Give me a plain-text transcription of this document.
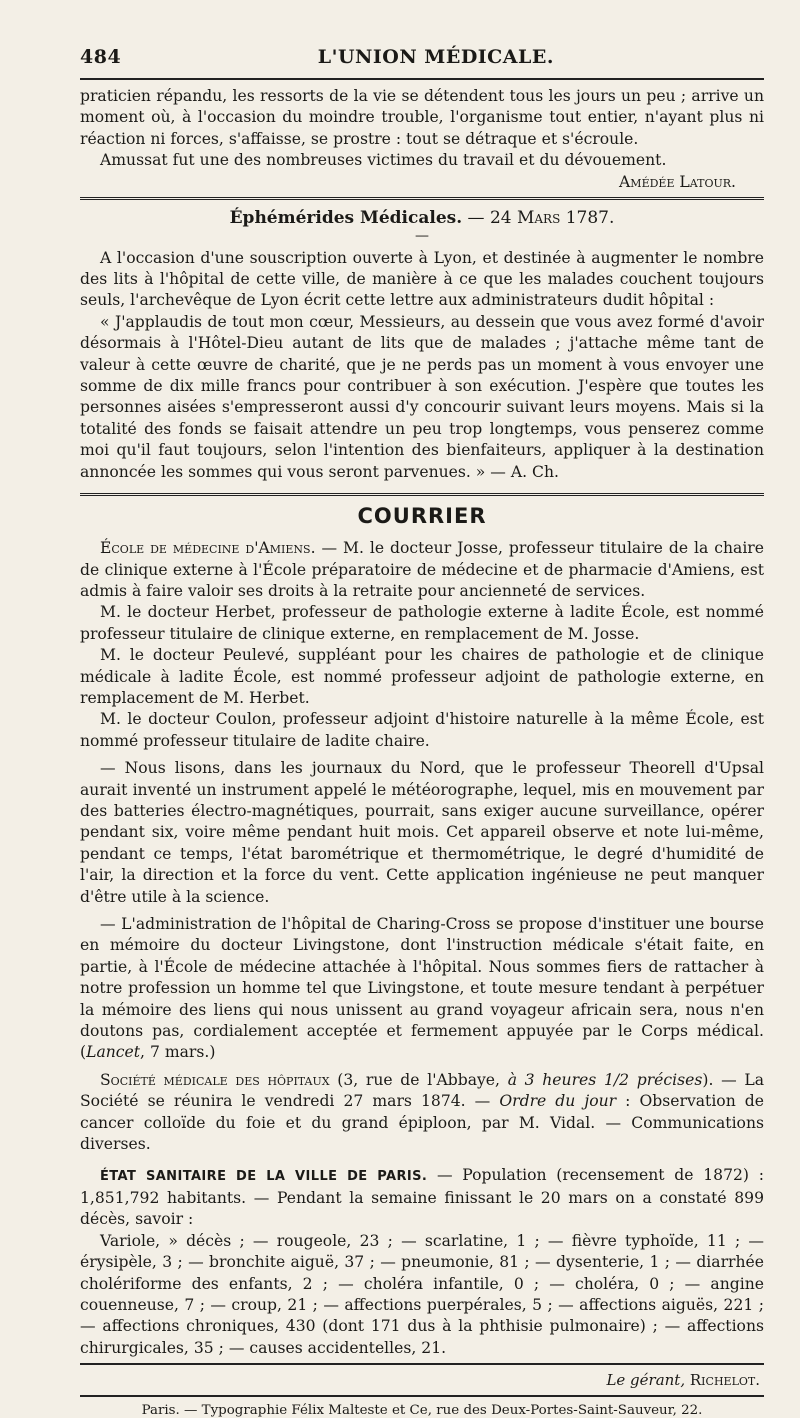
484	L'UNION MÉDICALE.

praticien répandu, les ressorts de la vie se détendent tous les jours un peu ; arrive un moment où, à l'occasion du moindre trouble, l'organisme tout entier, n'ayant plus ni réaction ni forces, s'affaisse, se prostre : tout se détraque et s'écroule.

Amussat fut une des nombreuses victimes du travail et du dévouement.

Amédée Latour.
Éphémérides Médicales. — 24 Mars 1787.
—

A l'occasion d'une souscription ouverte à Lyon, et destinée à augmenter le nombre des lits à l'hôpital de cette ville, de manière à ce que les malades couchent toujours seuls, l'archevêque de Lyon écrit cette lettre aux administrateurs dudit hôpital :

« J'applaudis de tout mon cœur, Messieurs, au dessein que vous avez formé d'avoir désormais à l'Hôtel-Dieu autant de lits que de malades ; j'attache même tant de valeur à cette œuvre de charité, que je ne perds pas un moment à vous envoyer une somme de dix mille francs pour contribuer à son exécution. J'espère que toutes les personnes aisées s'empresseront aussi d'y concourir suivant leurs moyens. Mais si la totalité des fonds se faisait attendre un peu trop longtemps, vous penserez comme moi qu'il faut toujours, selon l'intention des bienfaiteurs, appliquer à la destination annoncée les sommes qui vous seront parvenues. » — A. Ch.

COURRIER

École de médecine d'Amiens. — M. le docteur Josse, professeur titulaire de la chaire de clinique externe à l'École préparatoire de médecine et de pharmacie d'Amiens, est admis à faire valoir ses droits à la retraite pour ancienneté de services.

M. le docteur Herbet, professeur de pathologie externe à ladite École, est nommé professeur titulaire de clinique externe, en remplacement de M. Josse.

M. le docteur Peulevé, suppléant pour les chaires de pathologie et de clinique médicale à ladite École, est nommé professeur adjoint de pathologie externe, en remplacement de M. Herbet.

M. le docteur Coulon, professeur adjoint d'histoire naturelle à la même École, est nommé professeur titulaire de ladite chaire.

— Nous lisons, dans les journaux du Nord, que le professeur Theorell d'Upsal aurait inventé un instrument appelé le météorographe, lequel, mis en mouvement par des batteries électro-magnétiques, pourrait, sans exiger aucune surveillance, opérer pendant six, voire même pendant huit mois. Cet appareil observe et note lui-même, pendant ce temps, l'état barométrique et thermométrique, le degré d'humidité de l'air, la direction et la force du vent. Cette application ingénieuse ne peut manquer d'être utile à la science.

— L'administration de l'hôpital de Charing-Cross se propose d'instituer une bourse en mémoire du docteur Livingstone, dont l'instruction médicale s'était faite, en partie, à l'École de médecine attachée à l'hôpital. Nous sommes fiers de rattacher à notre profession un homme tel que Livingstone, et toute mesure tendant à perpétuer la mémoire des liens qui nous unissent au grand voyageur africain sera, nous n'en doutons pas, cordialement acceptée et fermement appuyée par le Corps médical. (Lancet, 7 mars.)

Société médicale des hôpitaux (3, rue de l'Abbaye, à 3 heures 1/2 précises). — La Société se réunira le vendredi 27 mars 1874. — Ordre du jour : Observation de cancer colloïde du foie et du grand épiploon, par M. Vidal. — Communications diverses.

ÉTAT SANITAIRE DE LA VILLE DE PARIS. — Population (recensement de 1872) : 1,851,792 habitants. — Pendant la semaine finissant le 20 mars on a constaté 899 décès, savoir :

Variole, » décès ; — rougeole, 23 ; — scarlatine, 1 ; — fièvre typhoïde, 11 ; — érysipèle, 3 ; — bronchite aiguë, 37 ; — pneumonie, 81 ; — dysenterie, 1 ; — diarrhée cholériforme des enfants, 2 ; — choléra infantile, 0 ; — choléra, 0 ; — angine couenneuse, 7 ; — croup, 21 ; — affections puerpérales, 5 ; — affections aiguës, 221 ; — affections chroniques, 430 (dont 171 dus à la phthisie pulmonaire) ; — affections chirurgicales, 35 ; — causes accidentelles, 21.

Le gérant, Richelot.
Paris. — Typographie Félix Malteste et Ce, rue des Deux-Portes-Saint-Sauveur, 22.
